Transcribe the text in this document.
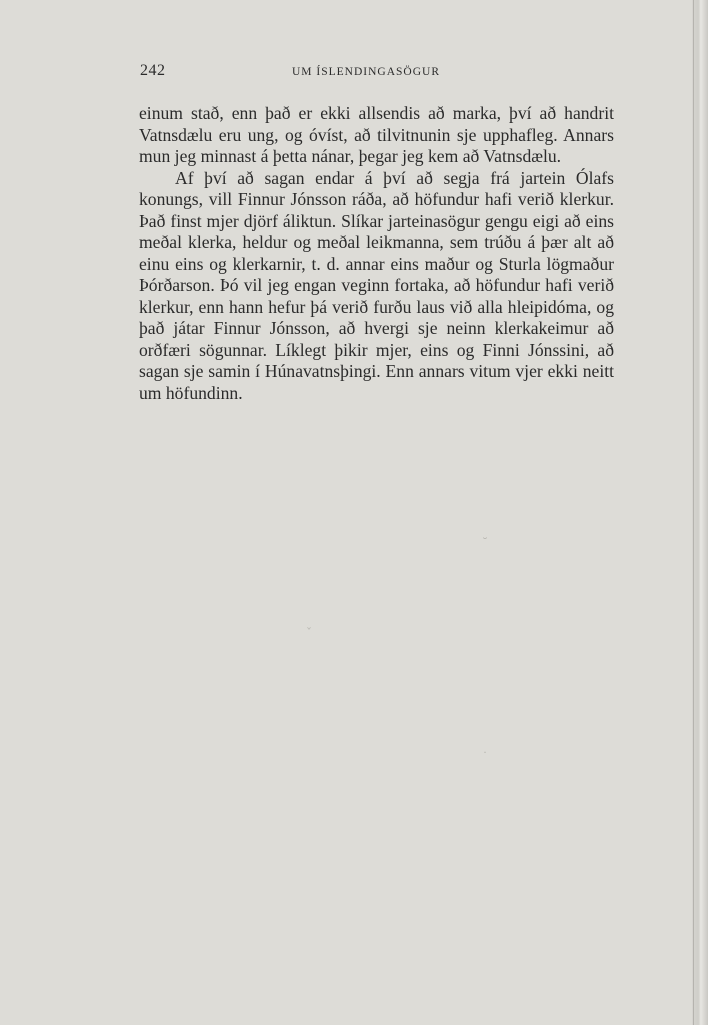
242	UM ÍSLENDINGASÖGUR

einum stað, enn það er ekki allsendis að marka, því að handrit Vatnsdælu eru ung, og óvíst, að tilvitnunin sje upphafleg. Annars mun jeg minnast á þetta nánar, þegar jeg kem að Vatnsdælu.

Af því að sagan endar á því að segja frá jartein Ólafs konungs, vill Finnur Jónsson ráða, að höfundur hafi verið klerkur. Það finst mjer djörf áliktun. Slíkar jarteinasögur gengu eigi að eins meðal klerka, heldur og meðal leikmanna, sem trúðu á þær alt að einu eins og klerkarnir, t. d. annar eins maður og Sturla lögmaður Þórðarson. Þó vil jeg engan veginn fortaka, að höfundur hafi verið klerkur, enn hann hefur þá verið furðu laus við alla hleipidóma, og það játar Finnur Jónsson, að hvergi sje neinn klerkakeimur að orðfæri sögunnar. Líklegt þikir mjer, eins og Finni Jónssini, að sagan sje samin í Húnavatnsþingi. Enn annars vitum vjer ekki neitt um höfundinn.

˘
ˇ
˙
